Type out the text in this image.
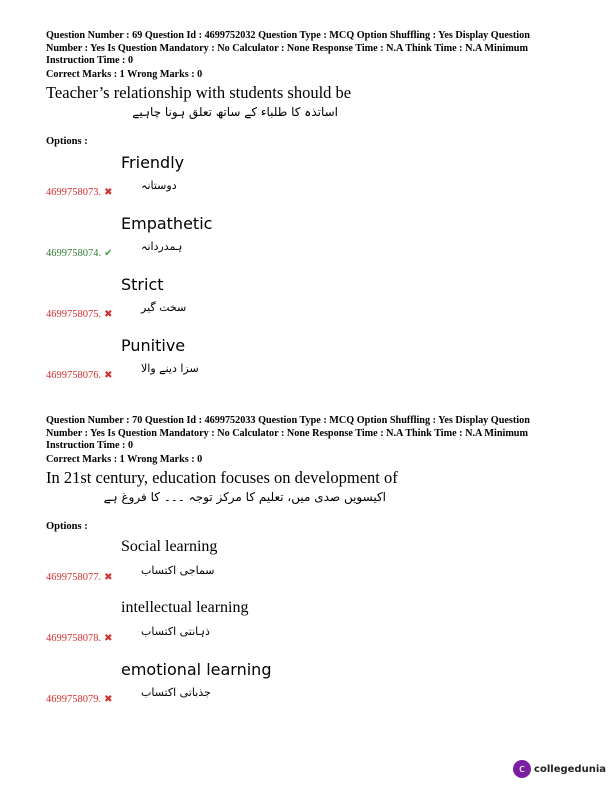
Question Number : 69 Question Id : 4699752032 Question Type : MCQ Option Shuffling : Yes Display Question Number : Yes Is Question Mandatory : No Calculator : None Response Time : N.A Think Time : N.A Minimum Instruction Time : 0
Correct Marks : 1 Wrong Marks : 0
Teacher’s relationship with students should be
اساتذہ کا طلباء کے ساتھ تعلق ہونا چاہیے
Options :
Friendly
دوستانہ
4699758073. ✖
Empathetic
ہمدردانہ
4699758074. ✔
Strict
سخت گیر
4699758075. ✖
Punitive
سزا دینے والا
4699758076. ✖
Question Number : 70 Question Id : 4699752033 Question Type : MCQ Option Shuffling : Yes Display Question Number : Yes Is Question Mandatory : No Calculator : None Response Time : N.A Think Time : N.A Minimum Instruction Time : 0
Correct Marks : 1 Wrong Marks : 0
In 21st century, education focuses on development of
اکیسویں صدی میں، تعلیم کا مرکز توجہ ۔۔۔ کا فروغ ہے
Options :
Social learning
سماجی اکتساب
4699758077. ✖
intellectual learning
ذہانتی اکتساب
4699758078. ✖
emotional learning
جذباتی اکتساب
4699758079. ✖
c collegedunia
